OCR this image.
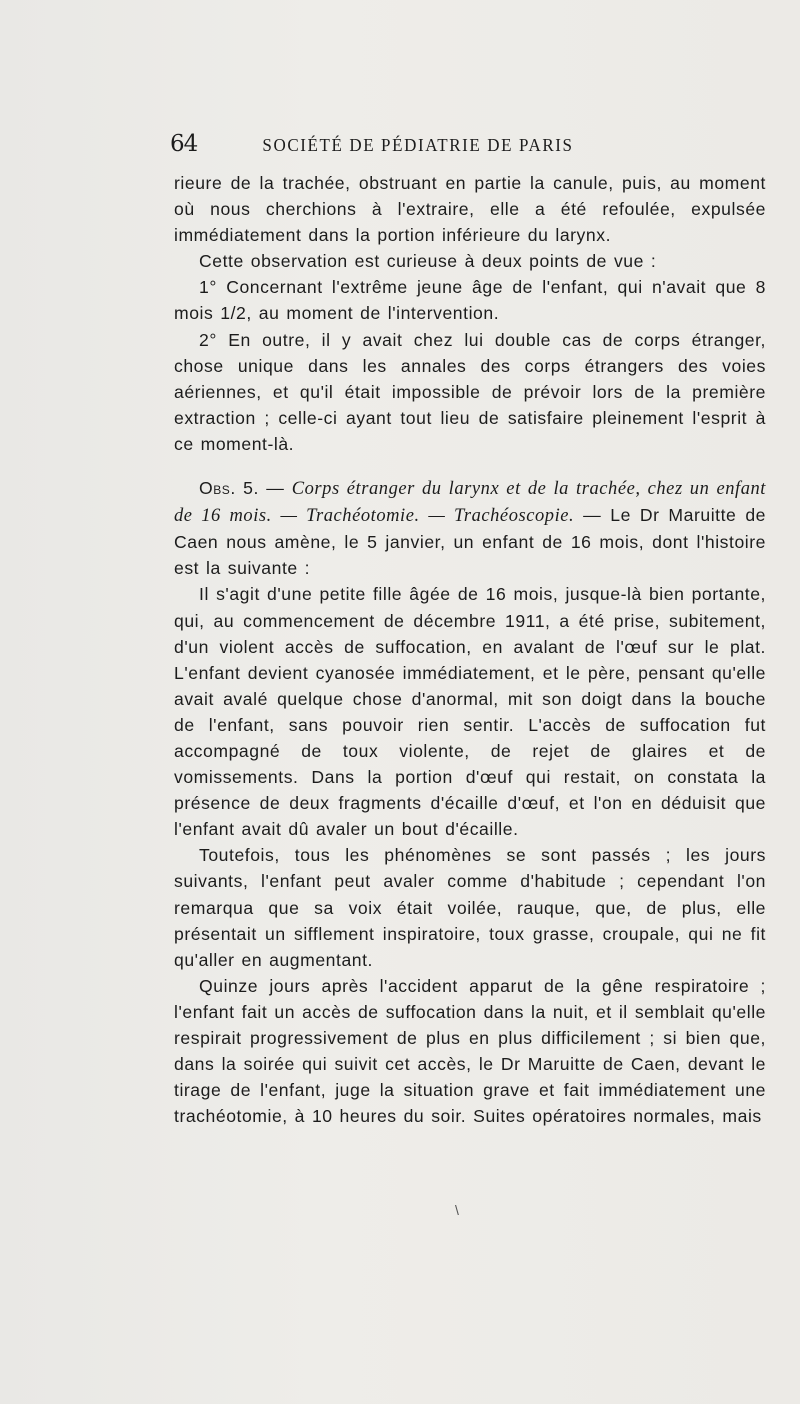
64	SOCIÉTÉ DE PÉDIATRIE DE PARIS

rieure de la trachée, obstruant en partie la canule, puis, au moment où nous cherchions à l'extraire, elle a été refoulée, expulsée immédiatement dans la portion inférieure du larynx.

Cette observation est curieuse à deux points de vue :

1° Concernant l'extrême jeune âge de l'enfant, qui n'avait que 8 mois 1/2, au moment de l'intervention.

2° En outre, il y avait chez lui double cas de corps étranger, chose unique dans les annales des corps étrangers des voies aériennes, et qu'il était impossible de prévoir lors de la première extraction ; celle-ci ayant tout lieu de satisfaire pleinement l'esprit à ce moment-là.

Obs. 5. — Corps étranger du larynx et de la trachée, chez un enfant de 16 mois. — Trachéotomie. — Trachéoscopie. — Le Dr Maruitte de Caen nous amène, le 5 janvier, un enfant de 16 mois, dont l'histoire est la suivante :

Il s'agit d'une petite fille âgée de 16 mois, jusque-là bien portante, qui, au commencement de décembre 1911, a été prise, subitement, d'un violent accès de suffocation, en avalant de l'œuf sur le plat. L'enfant devient cyanosée immédiatement, et le père, pensant qu'elle avait avalé quelque chose d'anormal, mit son doigt dans la bouche de l'enfant, sans pouvoir rien sentir. L'accès de suffocation fut accompagné de toux violente, de rejet de glaires et de vomissements. Dans la portion d'œuf qui restait, on constata la présence de deux fragments d'écaille d'œuf, et l'on en déduisit que l'enfant avait dû avaler un bout d'écaille.

Toutefois, tous les phénomènes se sont passés ; les jours suivants, l'enfant peut avaler comme d'habitude ; cependant l'on remarqua que sa voix était voilée, rauque, que, de plus, elle présentait un sifflement inspiratoire, toux grasse, croupale, qui ne fit qu'aller en augmentant.

Quinze jours après l'accident apparut de la gêne respiratoire ; l'enfant fait un accès de suffocation dans la nuit, et il semblait qu'elle respirait progressivement de plus en plus difficilement ; si bien que, dans la soirée qui suivit cet accès, le Dr Maruitte de Caen, devant le tirage de l'enfant, juge la situation grave et fait immédiatement une trachéotomie, à 10 heures du soir. Suites opératoires normales, mais

\
